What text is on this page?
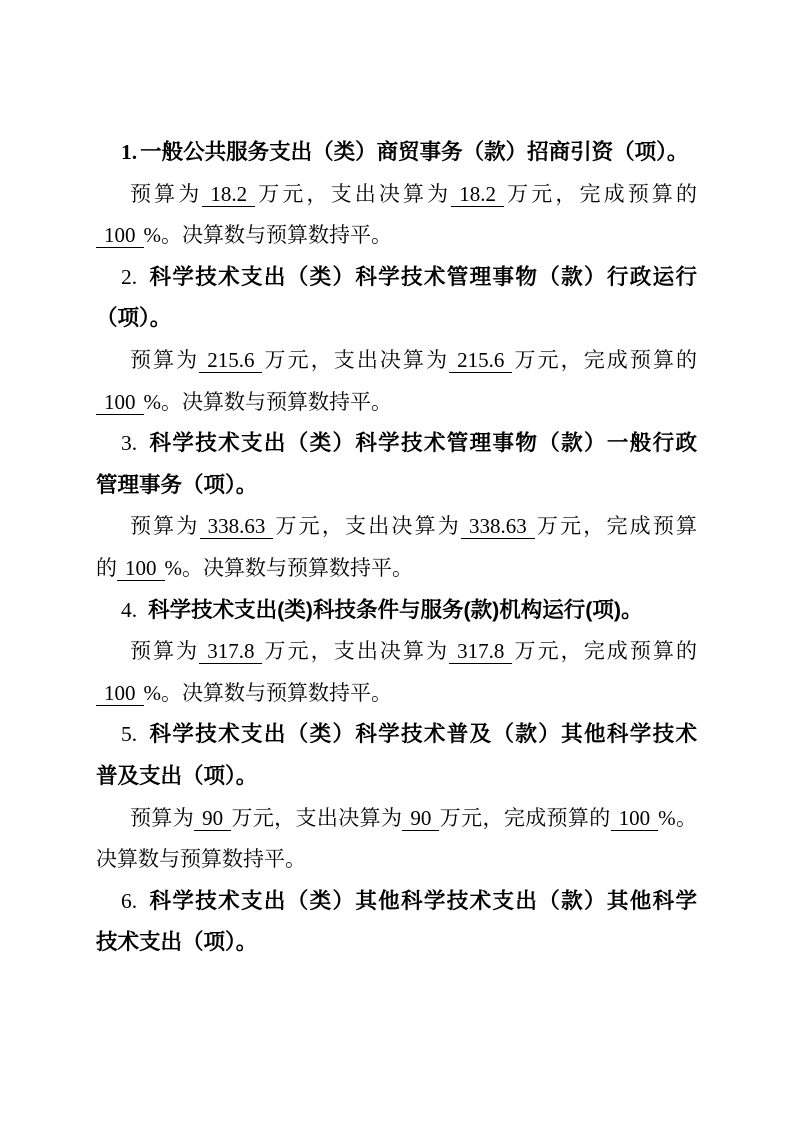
1. 一般公共服务支出（类）商贸事务（款）招商引资（项）。

预算为 18.2 万元，支出决算为 18.2 万元，完成预算的
100 %。决算数与预算数持平。

2. 科学技术支出（类）科学技术管理事物（款）行政运行
（项）。

预算为 215.6 万元，支出决算为 215.6 万元，完成预算的
100 %。决算数与预算数持平。

3. 科学技术支出（类）科学技术管理事物（款）一般行政
管理事务（项）。

预算为 338.63 万元，支出决算为 338.63 万元，完成预算
的 100 %。决算数与预算数持平。

4. 科学技术支出(类)科技条件与服务(款)机构运行(项)。

预算为 317.8 万元，支出决算为 317.8 万元，完成预算的
100 %。决算数与预算数持平。

5. 科学技术支出（类）科学技术普及（款）其他科学技术
普及支出（项）。

预算为 90 万元，支出决算为 90 万元，完成预算的 100 %。
决算数与预算数持平。

6. 科学技术支出（类）其他科学技术支出（款）其他科学
技术支出（项）。
